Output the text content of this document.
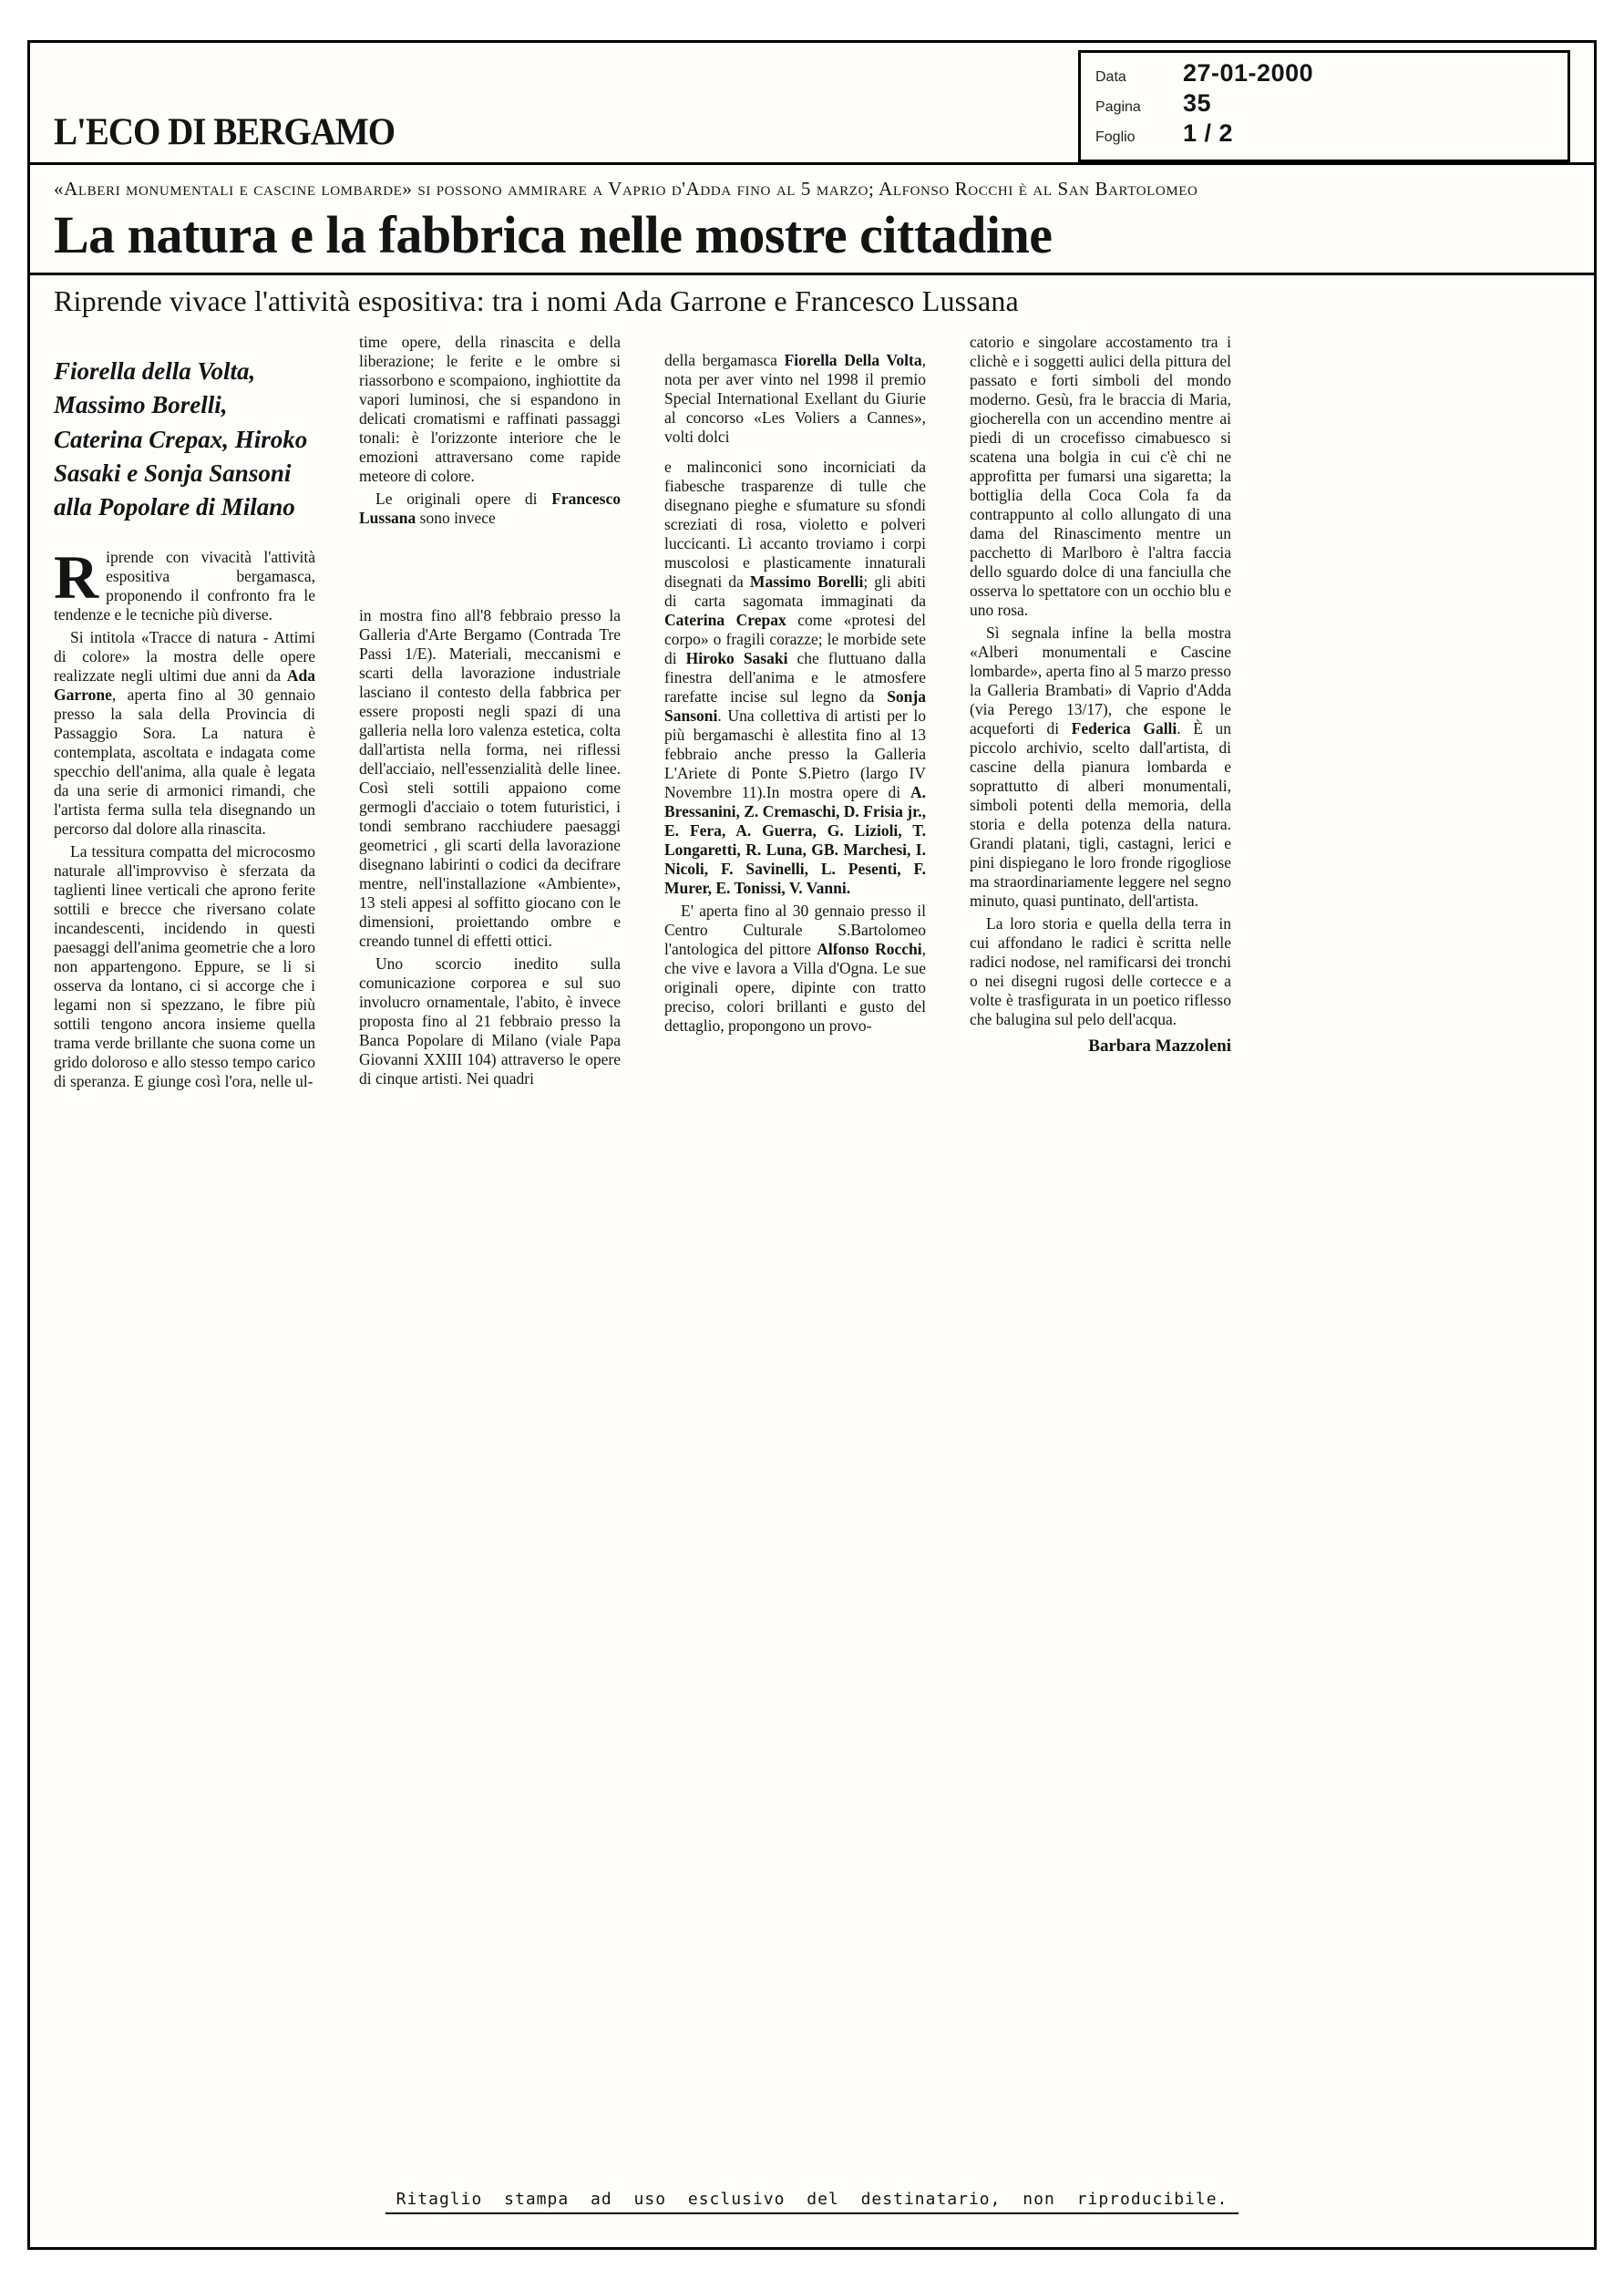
L'ECO DI BERGAMO
Data	27-01-2000
Pagina	35
Foglio	1 / 2
«Alberi monumentali e cascine lombarde» si possono ammirare a Vaprio d'Adda fino al 5 marzo; Alfonso Rocchi è al San Bartolomeo
La natura e la fabbrica nelle mostre cittadine
Riprende vivace l'attività espositiva: tra i nomi Ada Garrone e Francesco Lussana

Fiorella della Volta, Massimo Borelli, Caterina Crepax, Hiroko Sasaki e Sonja Sansoni alla Popolare di Milano

Riprende con vivacità l'attività espositiva bergamasca, proponendo il confronto fra le tendenze e le tecniche più diverse.

Si intitola «Tracce di natura - Attimi di colore» la mostra delle opere realizzate negli ultimi due anni da Ada Garrone, aperta fino al 30 gennaio presso la sala della Provincia di Passaggio Sora. La natura è contemplata, ascoltata e indagata come specchio dell'anima, alla quale è legata da una serie di armonici rimandi, che l'artista ferma sulla tela disegnando un percorso dal dolore alla rinascita.

La tessitura compatta del microcosmo naturale all'improvviso è sferzata da taglienti linee verticali che aprono ferite sottili e brecce che riversano colate incandescenti, incidendo in questi paesaggi dell'anima geometrie che a loro non appartengono. Eppure, se li si osserva da lontano, ci si accorge che i legami non si spezzano, le fibre più sottili tengono ancora insieme quella trama verde brillante che suona come un grido doloroso e allo stesso tempo carico di speranza. E giunge così l'ora, nelle ul-

time opere, della rinascita e della liberazione; le ferite e le ombre si riassorbono e scompaiono, inghiottite da vapori luminosi, che si espandono in delicati cromatismi e raffinati passaggi tonali: è l'orizzonte interiore che le emozioni attraversano come rapide meteore di colore.

Le originali opere di Francesco Lussana sono invece

in mostra fino all'8 febbraio presso la Galleria d'Arte Bergamo (Contrada Tre Passi 1/E). Materiali, meccanismi e scarti della lavorazione industriale lasciano il contesto della fabbrica per essere proposti negli spazi di una galleria nella loro valenza estetica, colta dall'artista nella forma, nei riflessi dell'acciaio, nell'essenzialità delle linee. Così steli sottili appaiono come germogli d'acciaio o totem futuristici, i tondi sembrano racchiudere paesaggi geometrici , gli scarti della lavorazione disegnano labirinti o codici da decifrare mentre, nell'installazione «Ambiente», 13 steli appesi al soffitto giocano con le dimensioni, proiettando ombre e creando tunnel di effetti ottici.

Uno scorcio inedito sulla comunicazione corporea e sul suo involucro ornamentale, l'abito, è invece proposta fino al 21 febbraio presso la Banca Popolare di Milano (viale Papa Giovanni XXIII 104) attraverso le opere di cinque artisti. Nei quadri

della bergamasca Fiorella Della Volta, nota per aver vinto nel 1998 il premio Special International Exellant du Giurie al concorso «Les Voliers a Cannes», volti dolci

e malinconici sono incorniciati da fiabesche trasparenze di tulle che disegnano pieghe e sfumature su sfondi screziati di rosa, violetto e polveri luccicanti. Lì accanto troviamo i corpi muscolosi e plasticamente innaturali disegnati da Massimo Borelli; gli abiti di carta sagomata immaginati da Caterina Crepax come «protesi del corpo» o fragili corazze; le morbide sete di Hiroko Sasaki che fluttuano dalla finestra dell'anima e le atmosfere rarefatte incise sul legno da Sonja Sansoni. Una collettiva di artisti per lo più bergamaschi è allestita fino al 13 febbraio anche presso la Galleria L'Ariete di Ponte S.Pietro (largo IV Novembre 11).In mostra opere di A. Bressanini, Z. Cremaschi, D. Frisia jr., E. Fera, A. Guerra, G. Lizioli, T. Longaretti, R. Luna, GB. Marchesi, I. Nicoli, F. Savinelli, L. Pesenti, F. Murer, E. Tonissi, V. Vanni.

E' aperta fino al 30 gennaio presso il Centro Culturale S.Bartolomeo l'antologica del pittore Alfonso Rocchi, che vive e lavora a Villa d'Ogna. Le sue originali opere, dipinte con tratto preciso, colori brillanti e gusto del dettaglio, propongono un provo-

catorio e singolare accostamento tra i clichè e i soggetti aulici della pittura del passato e forti simboli del mondo moderno. Gesù, fra le braccia di Maria, giocherella con un accendino mentre ai piedi di un crocefisso cimabuesco si scatena una bolgia in cui c'è chi ne approfitta per fumarsi una sigaretta; la bottiglia della Coca Cola fa da contrappunto al collo allungato di una dama del Rinascimento mentre un pacchetto di Marlboro è l'altra faccia dello sguardo dolce di una fanciulla che osserva lo spettatore con un occhio blu e uno rosa.

Sì segnala infine la bella mostra «Alberi monumentali e Cascine lombarde», aperta fino al 5 marzo presso la Galleria Brambati» di Vaprio d'Adda (via Perego 13/17), che espone le acqueforti di Federica Galli. È un piccolo archivio, scelto dall'artista, di cascine della pianura lombarda e soprattutto di alberi monumentali, simboli potenti della memoria, della storia e della potenza della natura. Grandi platani, tigli, castagni, lerici e pini dispiegano le loro fronde rigogliose ma straordinariamente leggere nel segno minuto, quasi puntinato, dell'artista.

La loro storia e quella della terra in cui affondano le radici è scritta nelle radici nodose, nel ramificarsi dei tronchi o nei disegni rugosi delle cortecce e a volte è trasfigurata in un poetico riflesso che balugina sul pelo dell'acqua.

Barbara Mazzoleni

Ritaglio stampa ad uso esclusivo del destinatario, non riproducibile.
